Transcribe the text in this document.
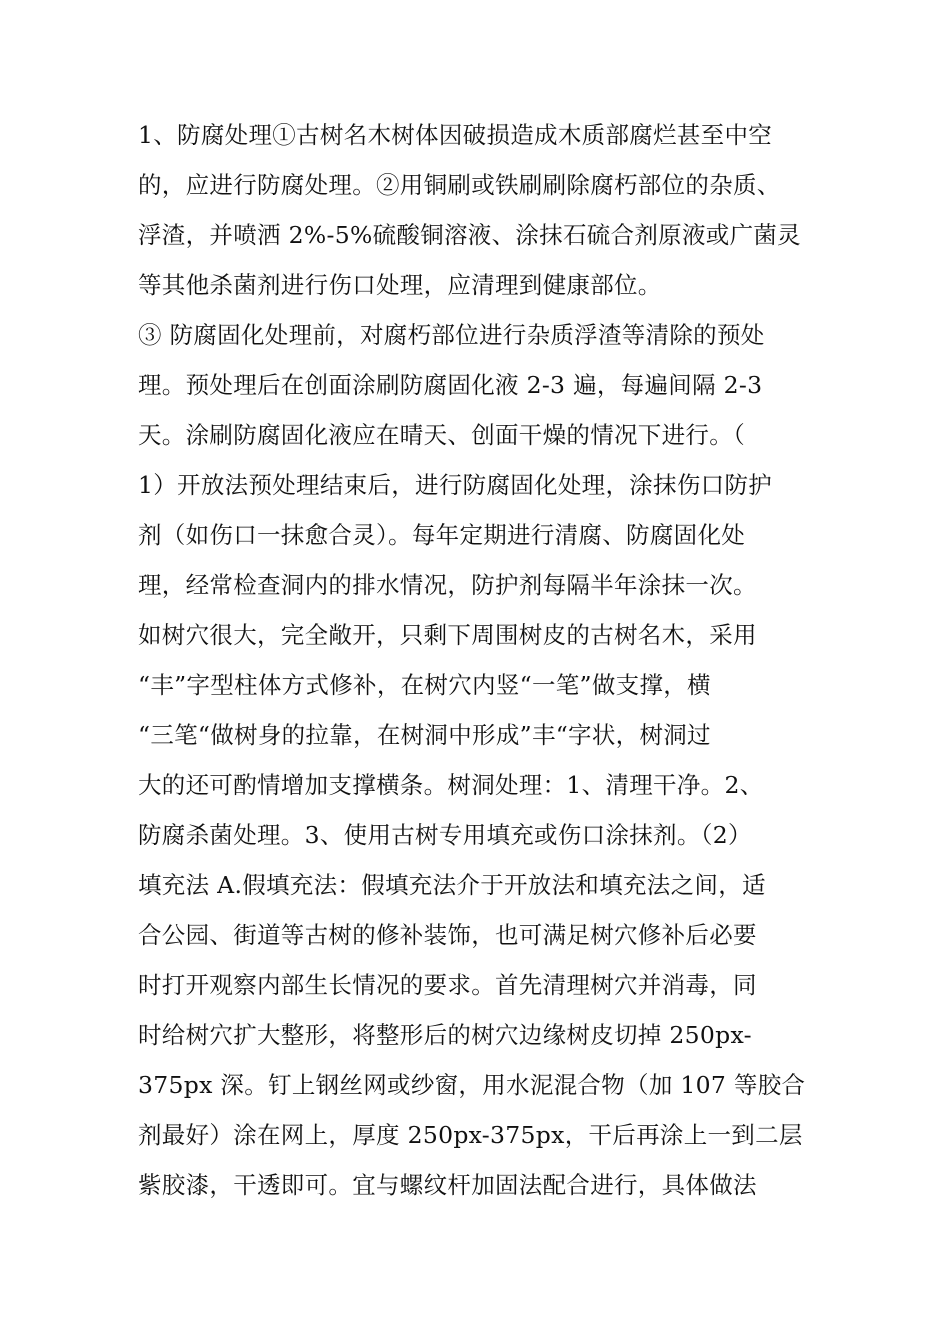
1、防腐处理①古树名木树体因破损造成木质部腐烂甚至中空
的，应进行防腐处理。②用铜刷或铁刷刷除腐朽部位的杂质、
浮渣，并喷洒 2%-5%硫酸铜溶液、涂抹石硫合剂原液或广菌灵
等其他杀菌剂进行伤口处理，应清理到健康部位。
③ 防腐固化处理前，对腐朽部位进行杂质浮渣等清除的预处
理。预处理后在创面涂刷防腐固化液 2-3 遍，每遍间隔 2-3
天。涂刷防腐固化液应在晴天、创面干燥的情况下进行。（
1）开放法预处理结束后，进行防腐固化处理，涂抹伤口防护
剂（如伤口一抹愈合灵）。每年定期进行清腐、防腐固化处
理，经常检查洞内的排水情况，防护剂每隔半年涂抹一次。
如树穴很大，完全敞开，只剩下周围树皮的古树名木，采用
“丰”字型柱体方式修补，在树穴内竖“一笔”做支撑，横
“三笔“做树身的拉靠，在树洞中形成”丰“字状，树洞过
大的还可酌情增加支撑横条。树洞处理：1、清理干净。2、
防腐杀菌处理。3、使用古树专用填充或伤口涂抹剂。（2）
填充法 A.假填充法：假填充法介于开放法和填充法之间，适
合公园、街道等古树的修补装饰，也可满足树穴修补后必要
时打开观察内部生长情况的要求。首先清理树穴并消毒，同
时给树穴扩大整形，将整形后的树穴边缘树皮切掉 250px-
375px 深。钉上钢丝网或纱窗，用水泥混合物（加 107 等胶合
剂最好）涂在网上，厚度 250px-375px，干后再涂上一到二层
紫胶漆，干透即可。宜与螺纹杆加固法配合进行，具体做法
